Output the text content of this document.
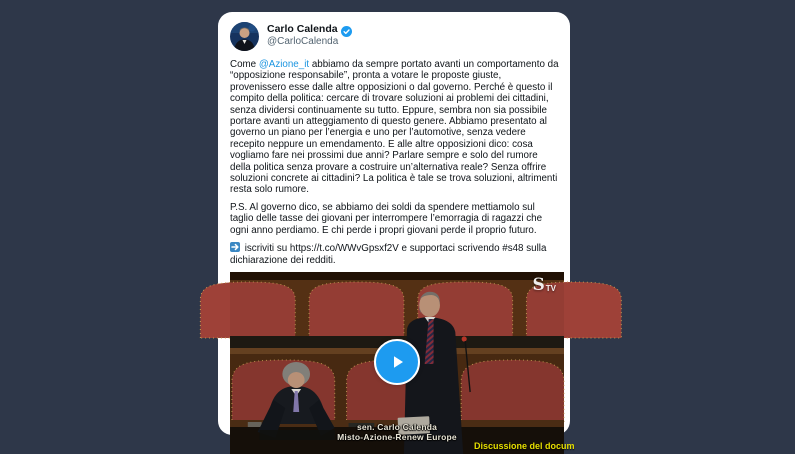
Carlo Calenda
@CarloCalenda

Come @Azione_it abbiamo da sempre portato avanti un comportamento da “opposizione responsabile”, pronta a votare le proposte giuste, provenissero esse dalle altre opposizioni o dal governo. Perché è questo il compito della politica: cercare di trovare soluzioni ai problemi dei cittadini, senza dividersi continuamente su tutto. Eppure, sembra non sia possibile portare avanti un atteggiamento di questo genere. Abbiamo presentato al governo un piano per l’energia e uno per l’automotive, senza vedere recepito neppure un emendamento. E alle altre opposizioni dico: cosa vogliamo fare nei prossimi due anni? Parlare sempre e solo del rumore della politica senza provare a costruire un’alternativa reale? Senza offrire soluzioni concrete ai cittadini? La politica è tale se trova soluzioni, altrimenti resta solo rumore.

P.S. Al governo dico, se abbiamo dei soldi da spendere mettiamolo sul taglio delle tasse dei giovani per interrompere l’emorragia di ragazzi che ogni anno perdiamo. E chi perde i propri giovani perde il proprio futuro.

iscriviti su https://t.co/WWvGpsxf2V e supportaci scrivendo #s48 sulla dichiarazione dei redditi.

S TV
sen. Carlo Calenda
Misto-Azione-Renew Europe
Discussione del docum
